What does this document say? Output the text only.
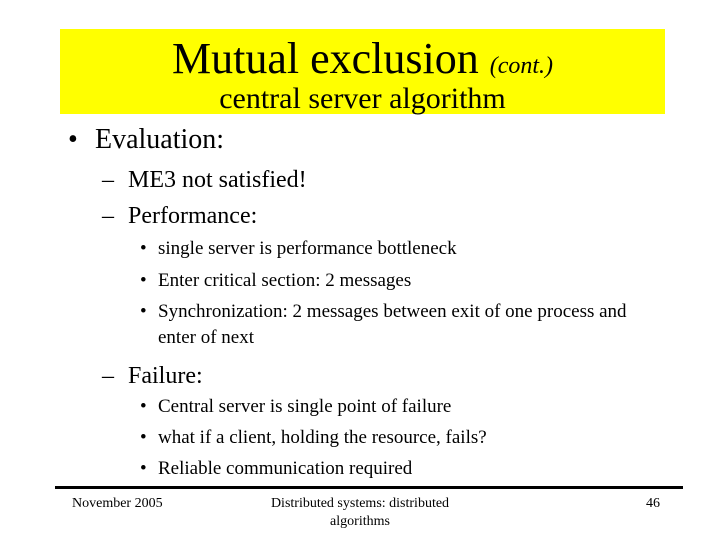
Mutual exclusion (cont.)
central server algorithm
• Evaluation:
– ME3 not satisfied!
– Performance:
• single server is performance bottleneck
• Enter critical section: 2 messages
• Synchronization: 2 messages between exit of one process and
enter of next
– Failure:
• Central server is single point of failure
• what if a client, holding the resource, fails?
• Reliable communication required
November 2005	Distributed systems: distributed
algorithms
46
